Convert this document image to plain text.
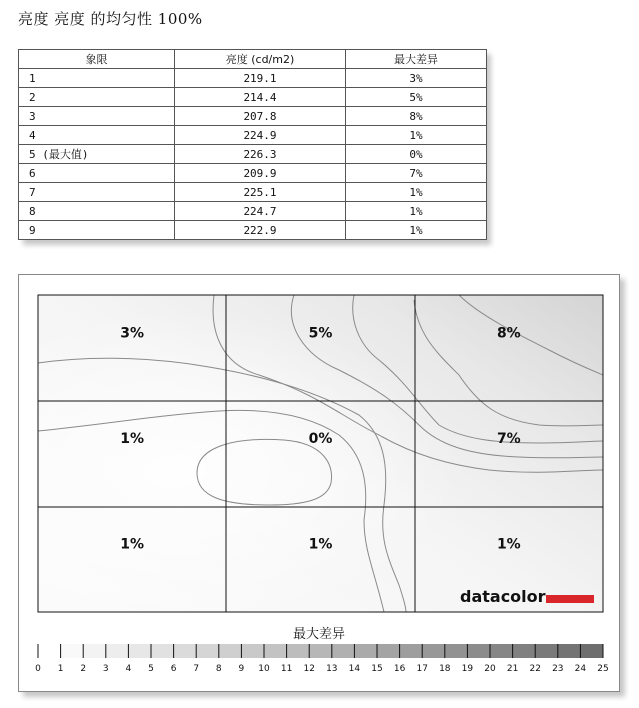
亮度 亮度 的均匀性 100%
象限	亮度 (cd/m2)	最大差异
1	219.1	3%
2	214.4	5%
3	207.8	8%
4	224.9	1%
5 (最大值)	226.3	0%
6	209.9	7%
7	225.1	1%
8	224.7	1%
9	222.9	1%
3%	5%	8%
1%	0%	7%
1%	1%	1%
datacolor
最大差异
0 1 2 3 4 5 6 7 8 9 10 11 12 13 14 15 16 17 18 19 20 21 22 23 24 25
